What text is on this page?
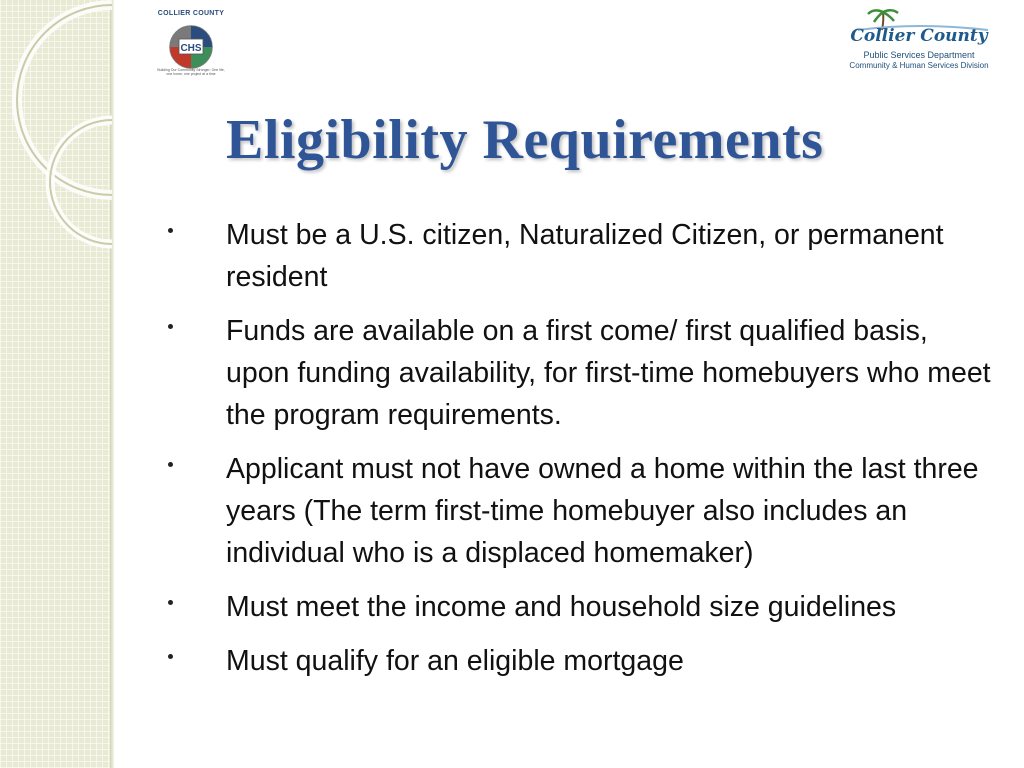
COLLIER COUNTY
CHS
Building Our Community Stronger: One life, one home, one project at a time
Collier County
Public Services Department
Community & Human Services Division
Eligibility Requirements
Must be a U.S. citizen, Naturalized Citizen, or permanent resident
Funds are available on a first come/ first qualified basis, upon funding availability, for first-time homebuyers who meet the program requirements.
Applicant must not have owned a home within the last three years (The term first-time homebuyer also includes an individual who is a displaced homemaker)
Must meet the income and household size guidelines
Must qualify for an eligible mortgage
